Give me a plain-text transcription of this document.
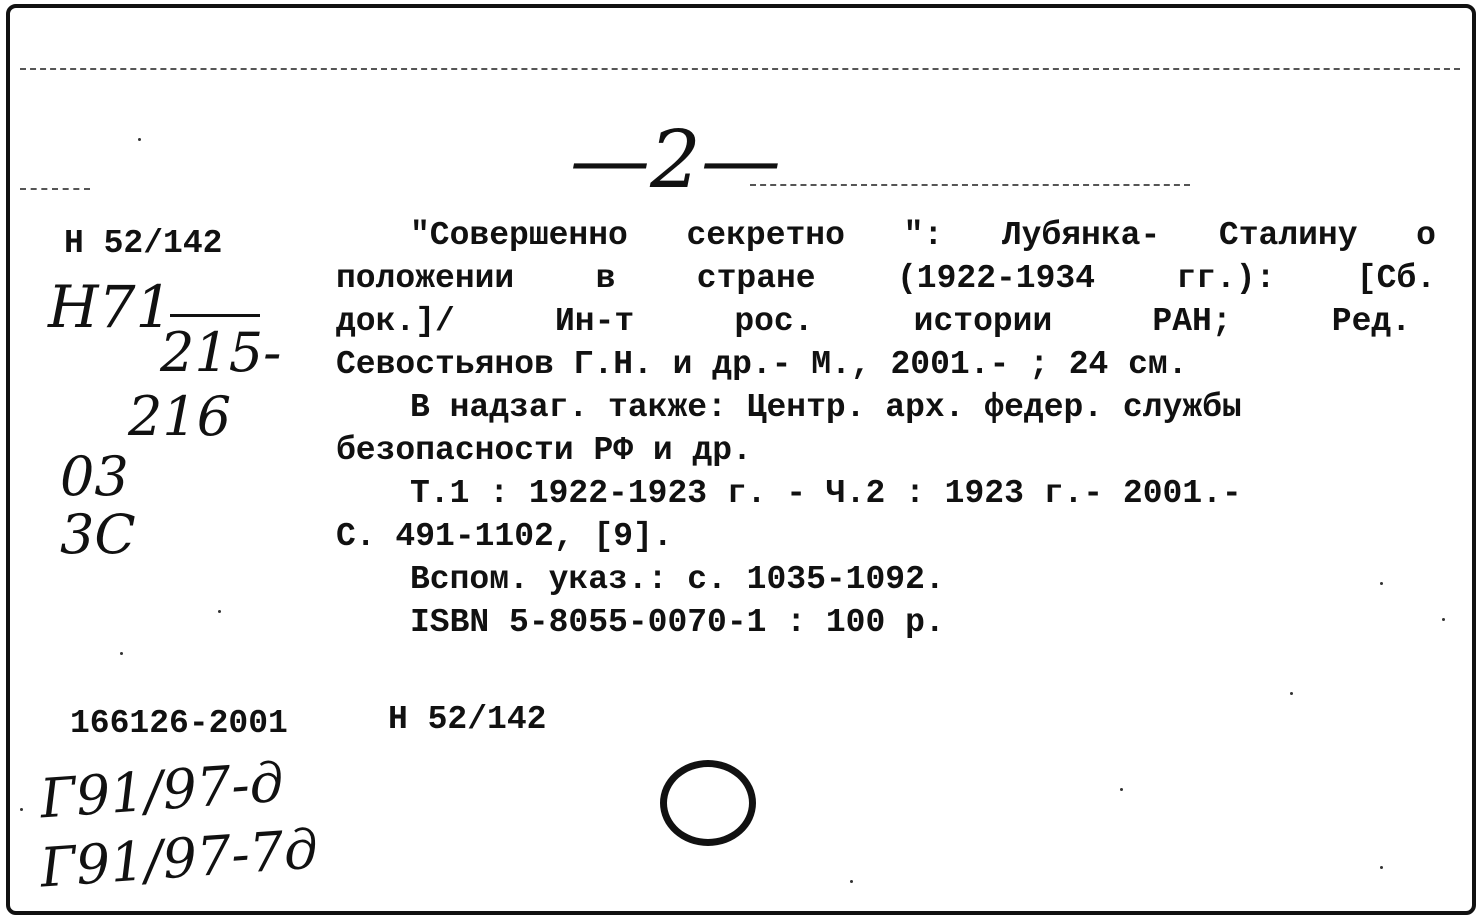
—2—
Н 52/142
H71
215-
216
03
3C
"Совершенно секретно ": Лубянка- Сталину о
положении в стране (1922-1934 гг.): [Сб.
док.]/ Ин-т рос. истории РАН; Ред.
Севостьянов Г.Н. и др.- М., 2001.- ; 24 см.
В надзаг. также: Центр. арх. федер. службы
безопасности РФ и др.
Т.1 : 1922-1923 г. - Ч.2 : 1923 г.- 2001.-
С. 491-1102, [9].
Вспом. указ.: с. 1035-1092.
ISBN 5-8055-0070-1 : 100 р.
166126-2001	Н 52/142
Г91/97-д
Г91/97-7д
